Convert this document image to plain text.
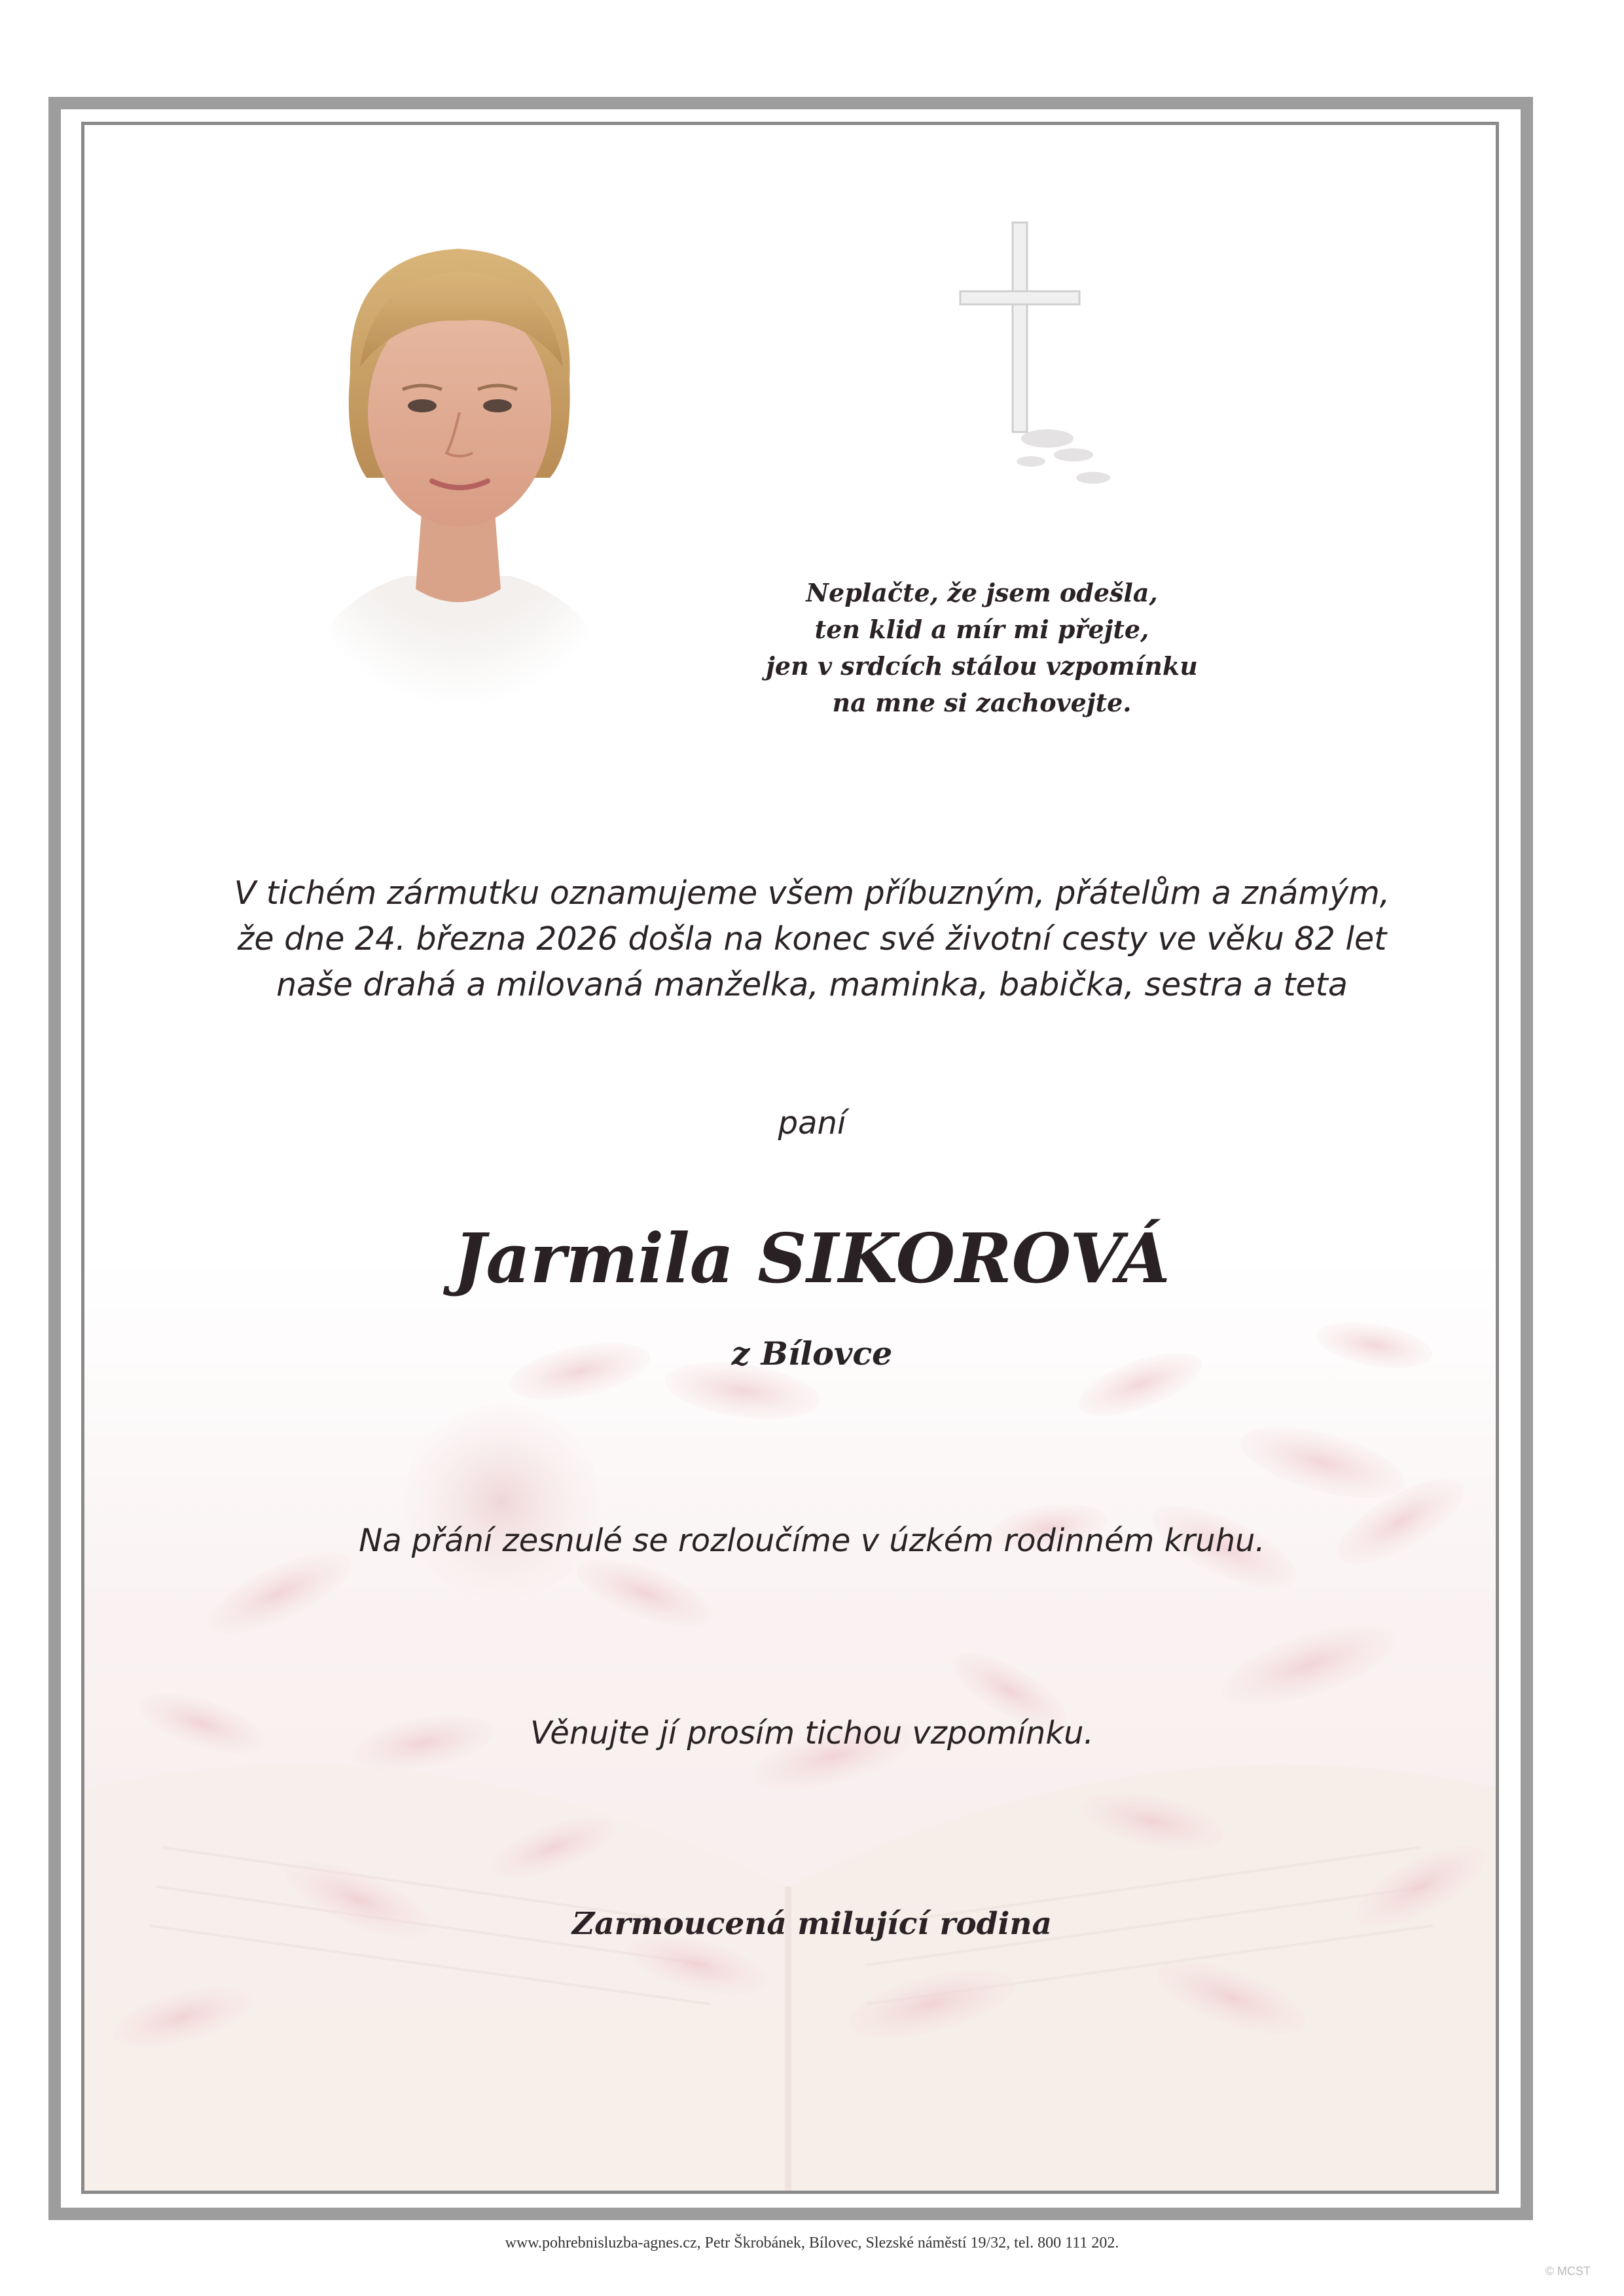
Neplačte, že jsem odešla,
ten klid a mír mi přejte,
jen v srdcích stálou vzpomínku
na mne si zachovejte.
V tichém zármutku oznamujeme všem příbuzným, přátelům a známým,
že dne 24. března 2026 došla na konec své životní cesty ve věku 82 let
naše drahá a milovaná manželka, maminka, babička, sestra a teta

paní

Jarmila SIKOROVÁ

z Bílovce

Na přání zesnulé se rozloučíme v úzkém rodinném kruhu.

Věnujte jí prosím tichou vzpomínku.

Zarmoucená milující rodina

www.pohrebnisluzba-agnes.cz, Petr Škrobánek, Bílovec, Slezské náměstí 19/32, tel. 800 111 202.
© MCST
